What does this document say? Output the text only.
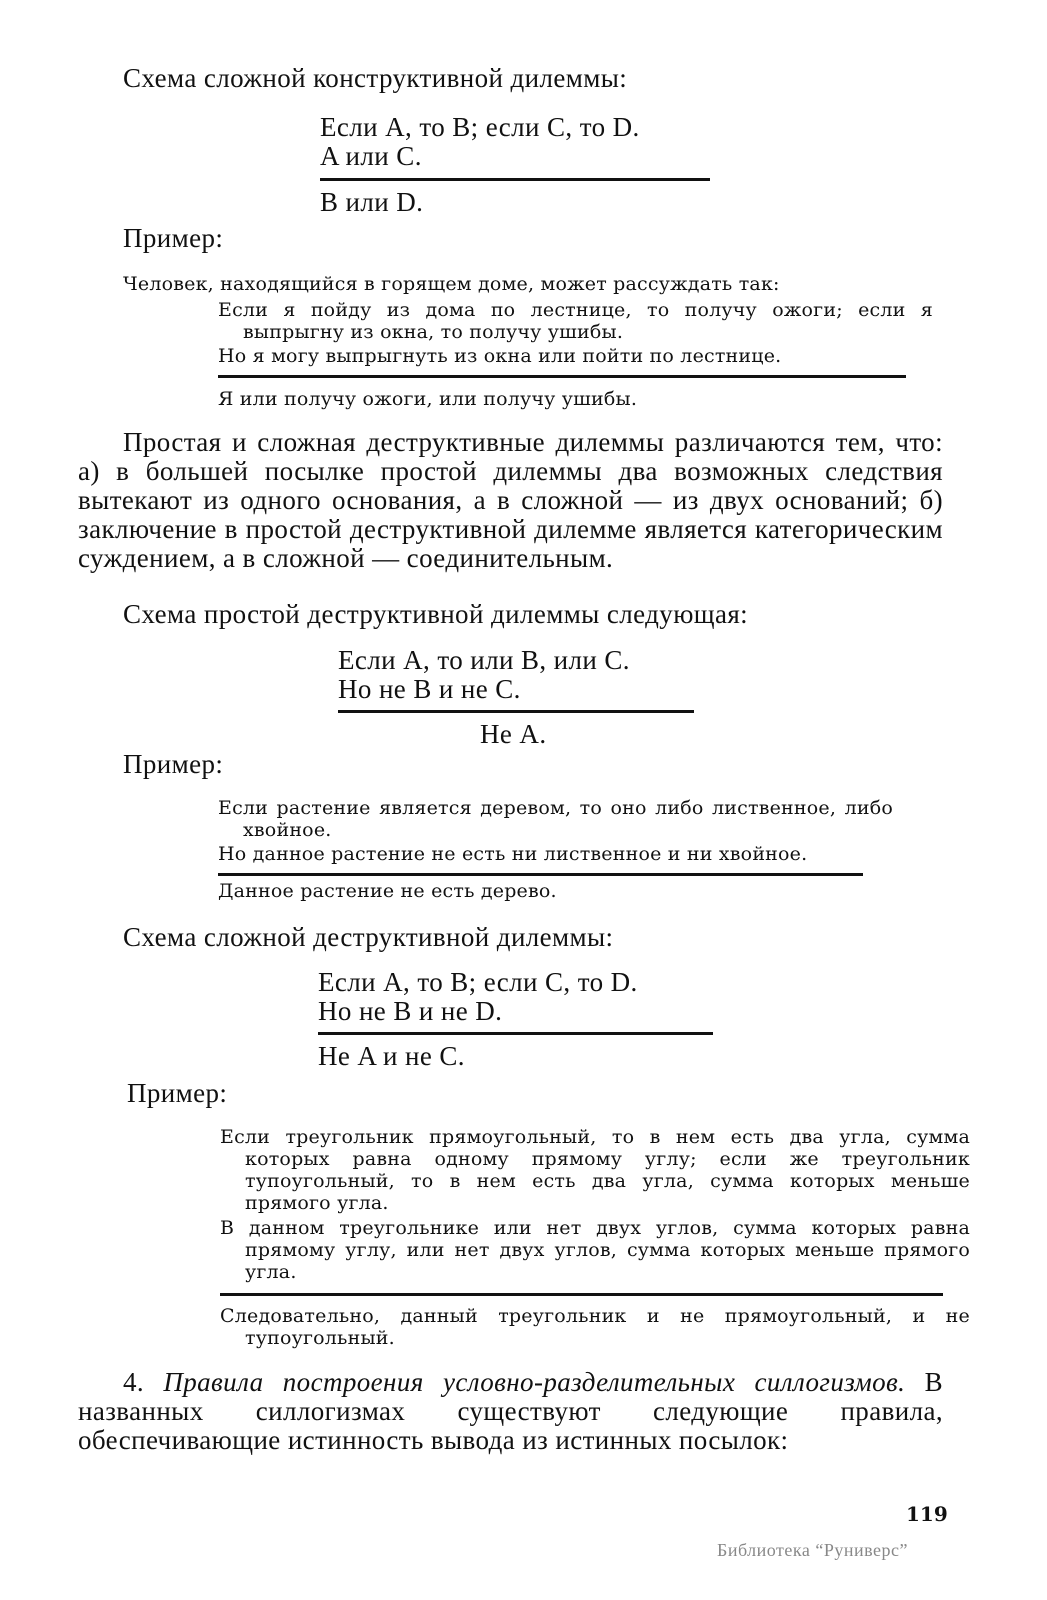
Схема сложной конструктивной дилеммы:

Если A, то B; если C, то D.

A или C.

B или D.

Пример:

Человек, находящийся в горящем доме, может рассуждать так:

Если я пойду из дома по лестнице, то получу ожоги; если я выпрыгну из окна, то получу ушибы.

Но я могу выпрыгнуть из окна или пойти по лестнице.

Я или получу ожоги, или получу ушибы.

Простая и сложная деструктивные дилеммы различаются тем, что: а) в большей посылке простой дилеммы два возможных следствия вытекают из одного основания, а в сложной — из двух оснований; б) заключение в простой деструктивной дилемме является категорическим суждением, а в сложной — соединительным.

Схема простой деструктивной дилеммы следующая:

Если A, то или B, или C.

Но не B и не C.

Не A.

Пример:

Если растение является деревом, то оно либо лиственное, либо хвойное.

Но данное растение не есть ни лиственное и ни хвойное.

Данное растение не есть дерево.

Схема сложной деструктивной дилеммы:

Если A, то B; если C, то D.

Но не B и не D.

Не A и не C.

Пример:

Если треугольник прямоугольный, то в нем есть два угла, сумма которых равна одному прямому углу; если же треугольник тупоугольный, то в нем есть два угла, сумма которых меньше прямого угла.

В данном треугольнике или нет двух углов, сумма которых равна прямому углу, или нет двух углов, сумма которых меньше прямого угла.

Следовательно, данный треугольник и не прямоугольный, и не тупоугольный.

4. Правила построения условно-разделительных силлогизмов. В названных силлогизмах существуют следующие правила, обеспечивающие истинность вывода из истинных посылок:

119

Библиотека “Руниверс”
